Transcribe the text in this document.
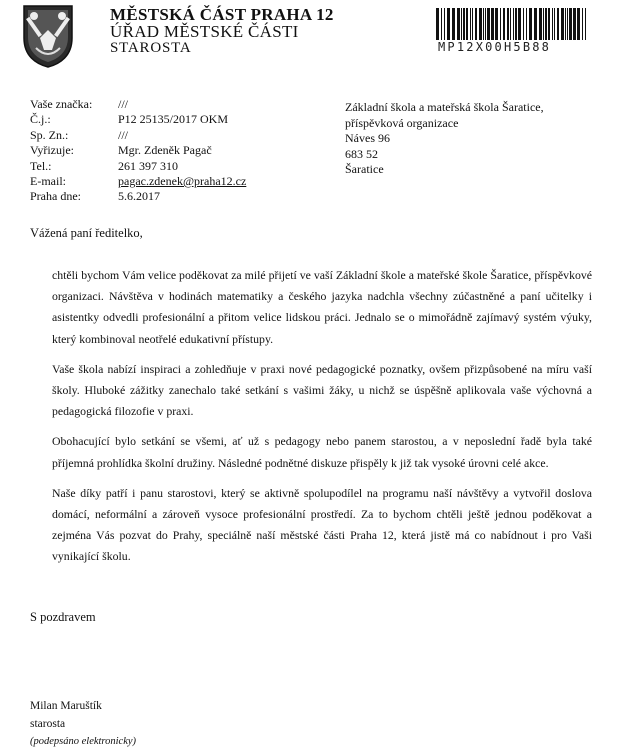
MĚSTSKÁ ČÁST PRAHA 12
ÚŘAD MĚSTSKÉ ČÁSTI
STAROSTA	MP12X00H5B88
Vaše značka:	///
Č.j.:	P12 25135/2017 OKM
Sp. Zn.:	///
Vyřizuje:	Mgr. Zdeněk Pagač
Tel.:	261 397 310
E-mail:	pagac.zdenek@praha12.cz
Praha dne:	5.6.2017
Základní škola a mateřská škola Šaratice,
příspěvková organizace
Náves 96
683 52
Šaratice
Vážená paní ředitelko,

chtěli bychom Vám velice poděkovat za milé přijetí ve vaší Základní škole a mateřské škole Šaratice, příspěvkové organizaci. Návštěva v hodinách matematiky a českého jazyka nadchla všechny zúčastněné a paní učitelky i asistentky odvedli profesionální a přitom velice lidskou práci. Jednalo se o mimořádně zajímavý systém výuky, který kombinoval neotřelé edukativní přístupy.

Vaše škola nabízí inspiraci a zohledňuje v praxi nové pedagogické poznatky, ovšem přizpůsobené na míru vaší školy. Hluboké zážitky zanechalo také setkání s vašimi žáky, u nichž se úspěšně aplikovala vaše výchovná a pedagogická filozofie v praxi.

Obohacující bylo setkání se všemi, ať už s pedagogy nebo panem starostou, a v neposlední řadě byla také příjemná prohlídka školní družiny. Následné podnětné diskuze přispěly k již tak vysoké úrovni celé akce.

Naše díky patří i panu starostovi, který se aktivně spolupodílel na programu naší návštěvy a vytvořil doslova domácí, neformální a zároveň vysoce profesionální prostředí. Za to bychom chtěli ještě jednou poděkovat a zejména Vás pozvat do Prahy, speciálně naší městské části Praha 12, která jistě má co nabídnout i pro Vaši vynikající školu.

S pozdravem
Milan Maruštík
starosta
(podepsáno elektronicky)
